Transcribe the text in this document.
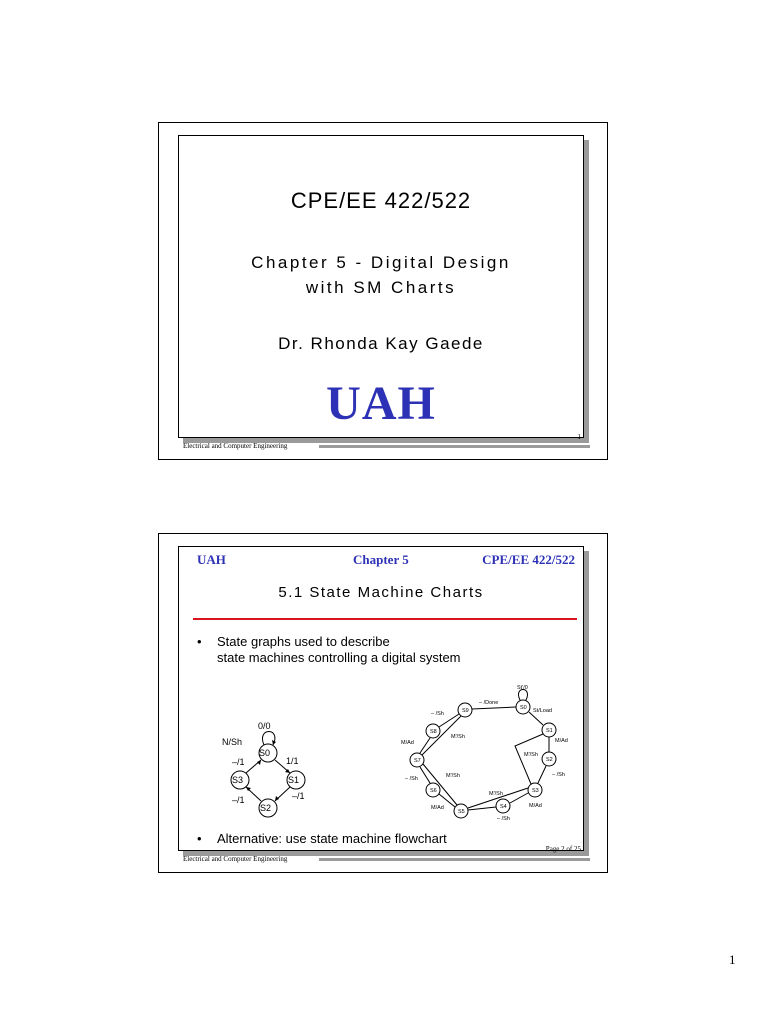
CPE/EE 422/522
Chapter 5 - Digital Design
with SM Charts
Dr. Rhonda Kay Gaede
UAH
1
Electrical and Computer Engineering
UAH	Chapter 5	CPE/EE 422/522
5.1 State Machine Charts
• State graphs used to describe
state machines controlling a digital system
S0
S1
S2
S3
0/0
N/Sh
1/1
–/1
–/1	–/1
S0
S1
S2
S3
S4
S5
S6
S7
S8
S9
St'/0
– /Done
St/Load
M/Ad
M'/Sh
– /Sh
M/Ad
– /Sh
M'/Sh
M/Ad
– /Sh	M'/Sh
M/Ad
– /Sh
M'/Sh
• Alternative: use state machine flowchart
Page 2 of 25
Electrical and Computer Engineering
1
